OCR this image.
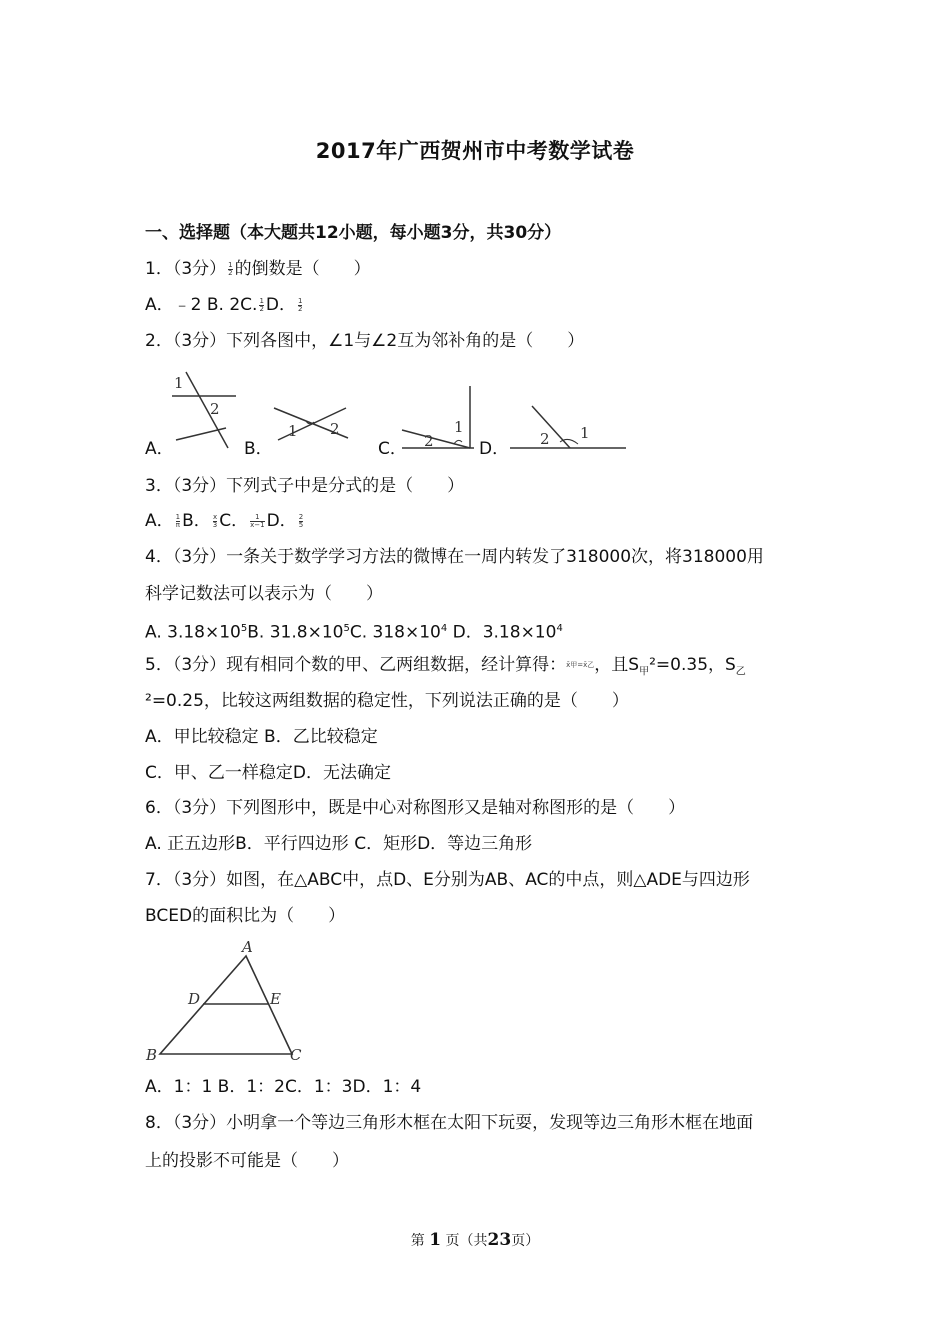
2017年广西贺州市中考数学试卷
一、选择题（本大题共12小题，每小题3分，共30分）
1．（3分） $\frac{1}{2}$ 的倒数是（　　）
A．﹣2 B. 2C. $\frac{1}{2}$ D． $\frac{1}{2}$
2．（3分）下列各图中，∠1与∠2互为邻补角的是（　　）
A．	B．	C．	D．
1
2
1 2
2
1
2 1
3．（3分）下列式子中是分式的是（　　）
A． $\frac{1}{\pi}$ B． $\frac{x}{3}$ C． $\frac{1}{x-1}$ D． $\frac{2}{5}$
4．（3分）一条关于数学学习方法的微博在一周内转发了318000次，将318000用
科学记数法可以表示为（　　）
A. $3.18\times 10^5B$. $31.8\times 10^5C$. $318\times 10^4$ D．$3.18\times 10^4$
5．（3分）现有相同个数的甲、乙两组数据，经计算得：x̄甲=x̄乙，且$S_甲^2=0.35$，$S_乙$
²=0.25，比较这两组数据的稳定性，下列说法正确的是（　　）
A．甲比较稳定 B．乙比较稳定
C．甲、乙一样稳定D．无法确定
6．（3分）下列图形中，既是中心对称图形又是轴对称图形的是（　　）
A. 正五边形B．平行四边形 C．矩形D．等边三角形
7．（3分）如图，在△ABC中，点D、E分别为AB、AC的中点，则△ADE与四边形
BCED的面积比为（　　）
A
D	E
B	C
A．1：1 B．1：2C．1：3D．1：4
8．（3分）小明拿一个等边三角形木框在太阳下玩耍，发现等边三角形木框在地面
上的投影不可能是（　　）
第 1 页（共23页）
